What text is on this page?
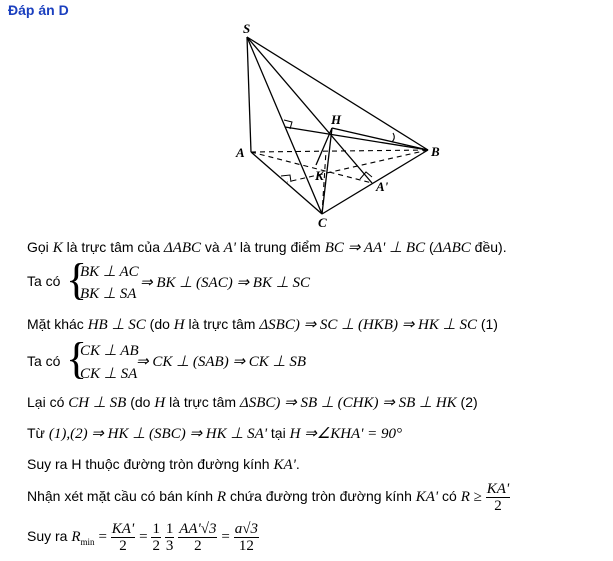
Đáp án D
S
A	B
C
H
K
A'
Gọi K là trực tâm của ΔABC và A' là trung điểm BC ⇒ AA' ⊥ BC (ΔABC đều).
Ta có {
BK ⊥ AC
BK ⊥ SA
⇒ BK ⊥ (SAC) ⇒ BK ⊥ SC
Mặt khác HB ⊥ SC (do H là trực tâm ΔSBC) ⇒ SC ⊥ (HKB) ⇒ HK ⊥ SC (1)
Ta có {
CK ⊥ AB
CK ⊥ SA
⇒ CK ⊥ (SAB) ⇒ CK ⊥ SB
Lại có CH ⊥ SB (do H là trực tâm ΔSBC) ⇒ SB ⊥ (CHK) ⇒ SB ⊥ HK (2)
Từ (1),(2) ⇒ HK ⊥ (SBC) ⇒ HK ⊥ SA' tại H ⇒∠KHA' = 90°
Suy ra H thuộc đường tròn đường kính KA'.
Nhận xét mặt cầu có bán kính R chứa đường tròn đường kính KA' có $R \ge \frac{KA'}{2}$
Suy ra $R_{min} = \frac{KA'}{2} = \frac{1}{2}$
$\frac{1}{3}$
$\frac{AA'√3}{2} = \frac{a√3}{12}$
